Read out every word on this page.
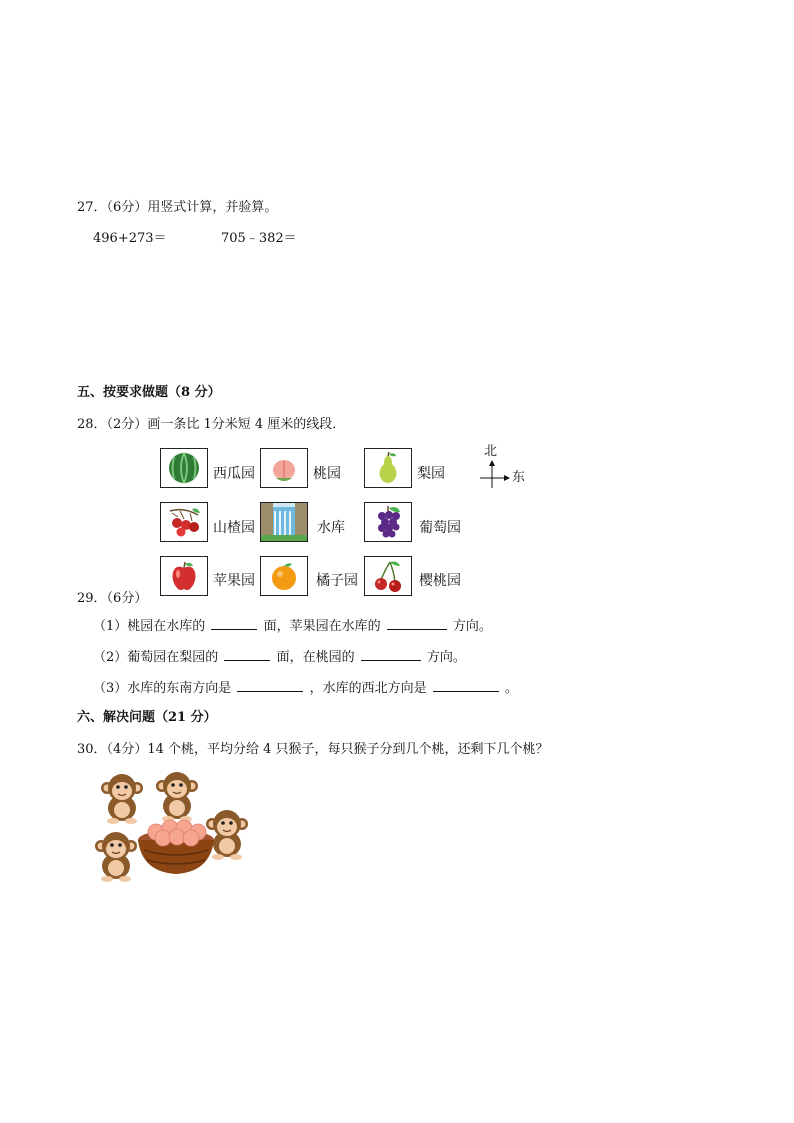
27．（6分）用竖式计算，并验算。
496+273＝	705﹣382＝
五、按要求做题（8 分）
28．（2分）画一条比 1分米短 4 厘米的线段．
西瓜园	桃园	梨园
北
东
山楂园	水库	葡萄园
苹果园	橘子园	樱桃园
29．（6分）
（1）桃园在水库的	面，苹果园在水库的	方向。
（2）葡萄园在梨园的	面，在桃园的	方向。
（3）水库的东南方向是	，水库的西北方向是	。
六、解决问题（21 分）
30．（4分）14 个桃，平均分给 4 只猴子，每只猴子分到几个桃，还剩下几个桃？
